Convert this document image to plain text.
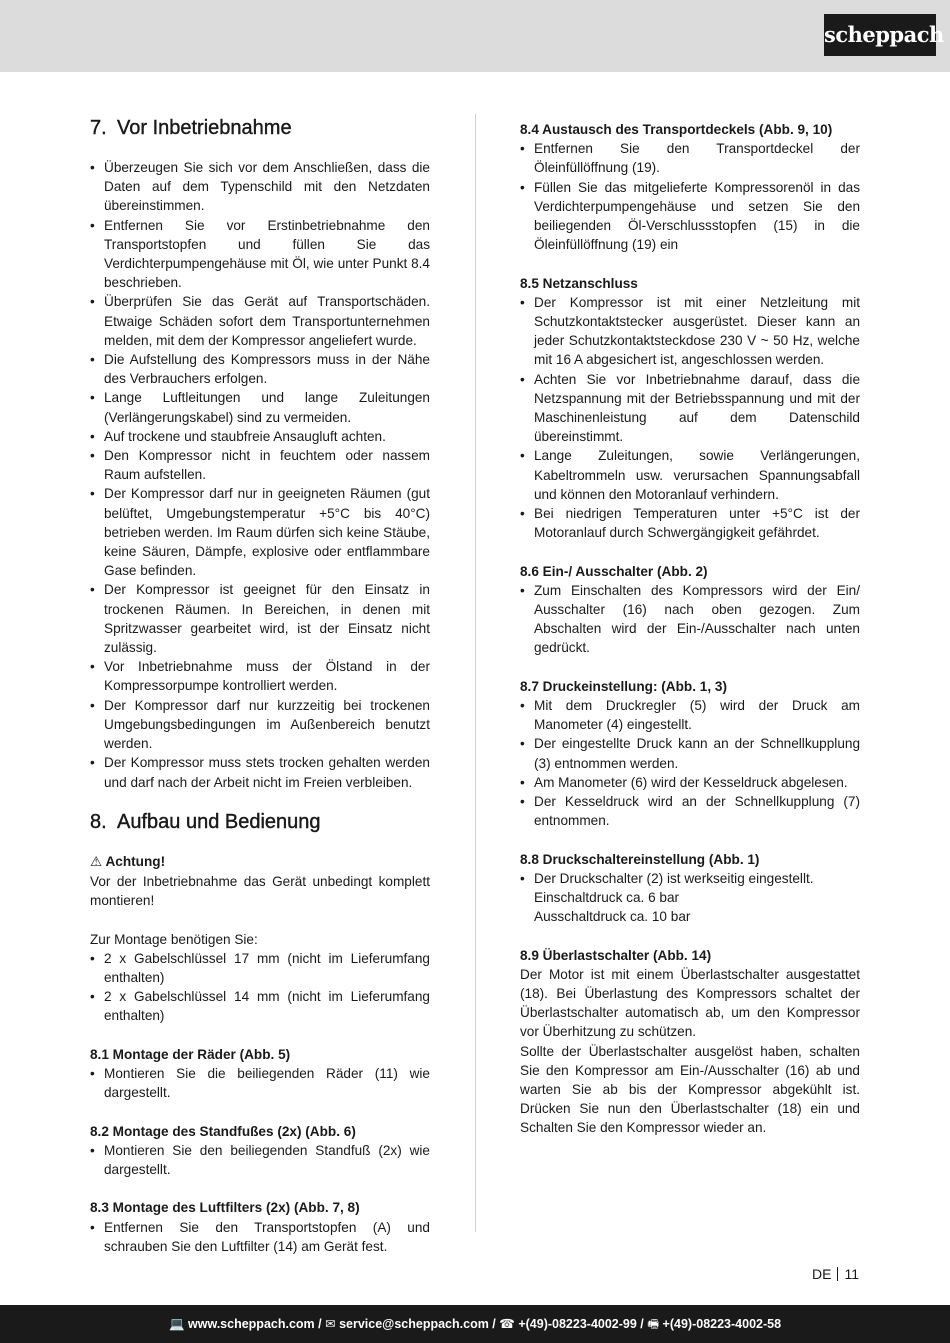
scheppach
7. Vor Inbetriebnahme
• Überzeugen Sie sich vor dem Anschließen, dass die Daten auf dem Typenschild mit den Netzdaten übereinstimmen.
• Entfernen Sie vor Erstinbetriebnahme den Transportstopfen und füllen Sie das Verdichterpumpengehäuse mit Öl, wie unter Punkt 8.4 beschrieben.
• Überprüfen Sie das Gerät auf Transportschäden. Etwaige Schäden sofort dem Transportunternehmen melden, mit dem der Kompressor angeliefert wurde.
• Die Aufstellung des Kompressors muss in der Nähe des Verbrauchers erfolgen.
• Lange Luftleitungen und lange Zuleitungen (Verlängerungskabel) sind zu vermeiden.
• Auf trockene und staubfreie Ansaugluft achten.
• Den Kompressor nicht in feuchtem oder nassem Raum aufstellen.
• Der Kompressor darf nur in geeigneten Räumen (gut belüftet, Umgebungstemperatur +5°C bis 40°C) betrieben werden. Im Raum dürfen sich keine Stäube, keine Säuren, Dämpfe, explosive oder entflammbare Gase befinden.
• Der Kompressor ist geeignet für den Einsatz in trockenen Räumen. In Bereichen, in denen mit Spritzwasser gearbeitet wird, ist der Einsatz nicht zulässig.
• Vor Inbetriebnahme muss der Ölstand in der Kompressorpumpe kontrolliert werden.
• Der Kompressor darf nur kurzzeitig bei trockenen Umgebungsbedingungen im Außenbereich benutzt werden.
• Der Kompressor muss stets trocken gehalten werden und darf nach der Arbeit nicht im Freien verbleiben.
8. Aufbau und Bedienung
⚠ Achtung!

Vor der Inbetriebnahme das Gerät unbedingt komplett montieren!

Zur Montage benötigen Sie:

• 2 x Gabelschlüssel 17 mm (nicht im Lieferumfang enthalten)
• 2 x Gabelschlüssel 14 mm (nicht im Lieferumfang enthalten)
8.1 Montage der Räder (Abb. 5)
• Montieren Sie die beiliegenden Räder (11) wie dargestellt.
8.2 Montage des Standfußes (2x) (Abb. 6)
• Montieren Sie den beiliegenden Standfuß (2x) wie dargestellt.
8.3 Montage des Luftfilters (2x) (Abb. 7, 8)
• Entfernen Sie den Transportstopfen (A) und schrauben Sie den Luftfilter (14) am Gerät fest.
8.4 Austausch des Transportdeckels (Abb. 9, 10)
• Entfernen Sie den Transportdeckel der Öleinfüllöffnung (19).
• Füllen Sie das mitgelieferte Kompressorenöl in das Verdichterpumpengehäuse und setzen Sie den beiliegenden Öl-Verschlussstopfen (15) in die Öleinfüllöffnung (19) ein
8.5 Netzanschluss
• Der Kompressor ist mit einer Netzleitung mit Schutzkontaktstecker ausgerüstet. Dieser kann an jeder Schutzkontaktsteckdose 230 V ~ 50 Hz, welche mit 16 A abgesichert ist, angeschlossen werden.
• Achten Sie vor Inbetriebnahme darauf, dass die Netzspannung mit der Betriebsspannung und mit der Maschinenleistung auf dem Datenschild übereinstimmt.
• Lange Zuleitungen, sowie Verlängerungen, Kabeltrommeln usw. verursachen Spannungsabfall und können den Motoranlauf verhindern.
• Bei niedrigen Temperaturen unter +5°C ist der Motoranlauf durch Schwergängigkeit gefährdet.
8.6 Ein-/ Ausschalter (Abb. 2)
• Zum Einschalten des Kompressors wird der Ein/ Ausschalter (16) nach oben gezogen. Zum Abschalten wird der Ein-/Ausschalter nach unten gedrückt.
8.7 Druckeinstellung: (Abb. 1, 3)
• Mit dem Druckregler (5) wird der Druck am Manometer (4) eingestellt.
• Der eingestellte Druck kann an der Schnellkupplung (3) entnommen werden.
• Am Manometer (6) wird der Kesseldruck abgelesen.
• Der Kesseldruck wird an der Schnellkupplung (7) entnommen.
8.8 Druckschaltereinstellung (Abb. 1)
• Der Druckschalter (2) ist werkseitig eingestellt.

Einschaltdruck ca. 6 bar

Ausschaltdruck ca. 10 bar

8.9 Überlastschalter (Abb. 14)

Der Motor ist mit einem Überlastschalter ausgestattet (18). Bei Überlastung des Kompressors schaltet der Überlastschalter automatisch ab, um den Kompressor vor Überhitzung zu schützen.

Sollte der Überlastschalter ausgelöst haben, schalten Sie den Kompressor am Ein-/Ausschalter (16) ab und warten Sie ab bis der Kompressor abgekühlt ist. Drücken Sie nun den Überlastschalter (18) ein und Schalten Sie den Kompressor wieder an.

DE 11
💻 www.scheppach.com / ✉ service@scheppach.com / ☎ +(49)-08223-4002-99 / 🖷 +(49)-08223-4002-58
